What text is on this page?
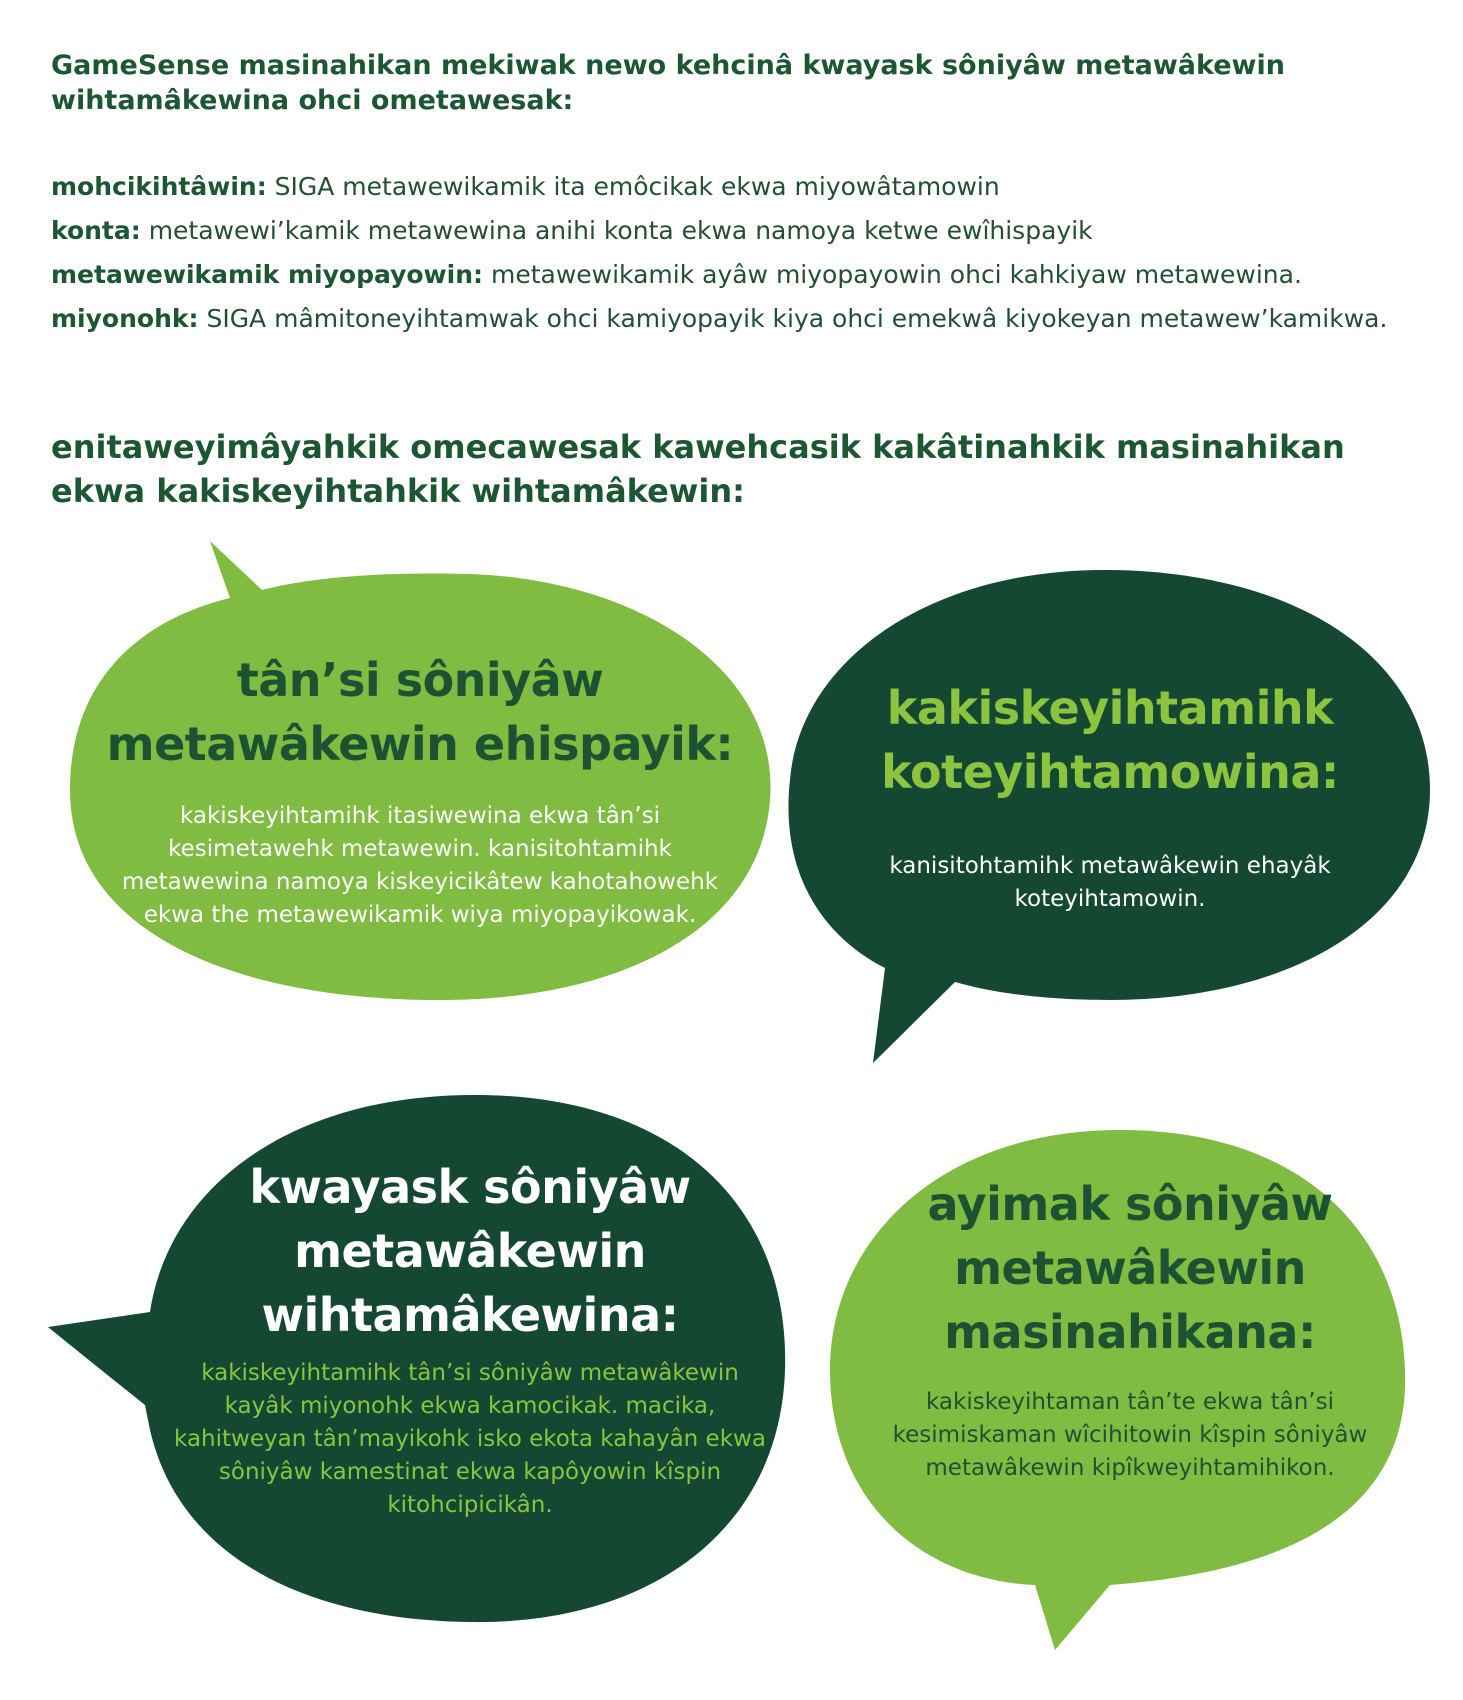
GameSense masinahikan mekiwak newo kehcinâ kwayask sôniyâw metawâkewin wihtamâkewina ohci ometawesak:

mohcikihtâwin: SIGA metawewikamik ita emôcikak ekwa miyowâtamowin
konta: metawewi’kamik metawewina anihi konta ekwa namoya ketwe ewîhispayik
metawewikamik miyopayowin: metawewikamik ayâw miyopayowin ohci kahkiyaw metawewina.
miyonohk: SIGA mâmitoneyihtamwak ohci kamiyopayik kiya ohci emekwâ kiyokeyan metawew’kamikwa.

enitaweyimâyahkik omecawesak kawehcasik kakâtinahkik masinahikan ekwa kakiskeyihtahkik wihtamâkewin:

tân’si sôniyâw metawâkewin ehispayik:

kakiskeyihtamihk itasiwewina ekwa tân’si kesimetawehk metawewin. kanisitohtamihk metawewina namoya kiskeyicikâtew kahotahowehk ekwa the metawewikamik wiya miyopayikowak.

kakiskeyihtamihk koteyihtamowina:

kanisitohtamihk metawâkewin ehayâk koteyihtamowin.

kwayask sôniyâw metawâkewin wihtamâkewina:

kakiskeyihtamihk tân’si sôniyâw metawâkewin kayâk miyonohk ekwa kamocikak. macika, kahitweyan tân’mayikohk isko ekota kahayân ekwa sôniyâw kamestinat ekwa kapôyowin kîspin kitohcipicikân.

ayimak sôniyâw metawâkewin masinahikana:

kakiskeyihtaman tân’te ekwa tân’si kesimiskaman wîcihitowin kîspin sôniyâw metawâkewin kipîkweyihtamihikon.
